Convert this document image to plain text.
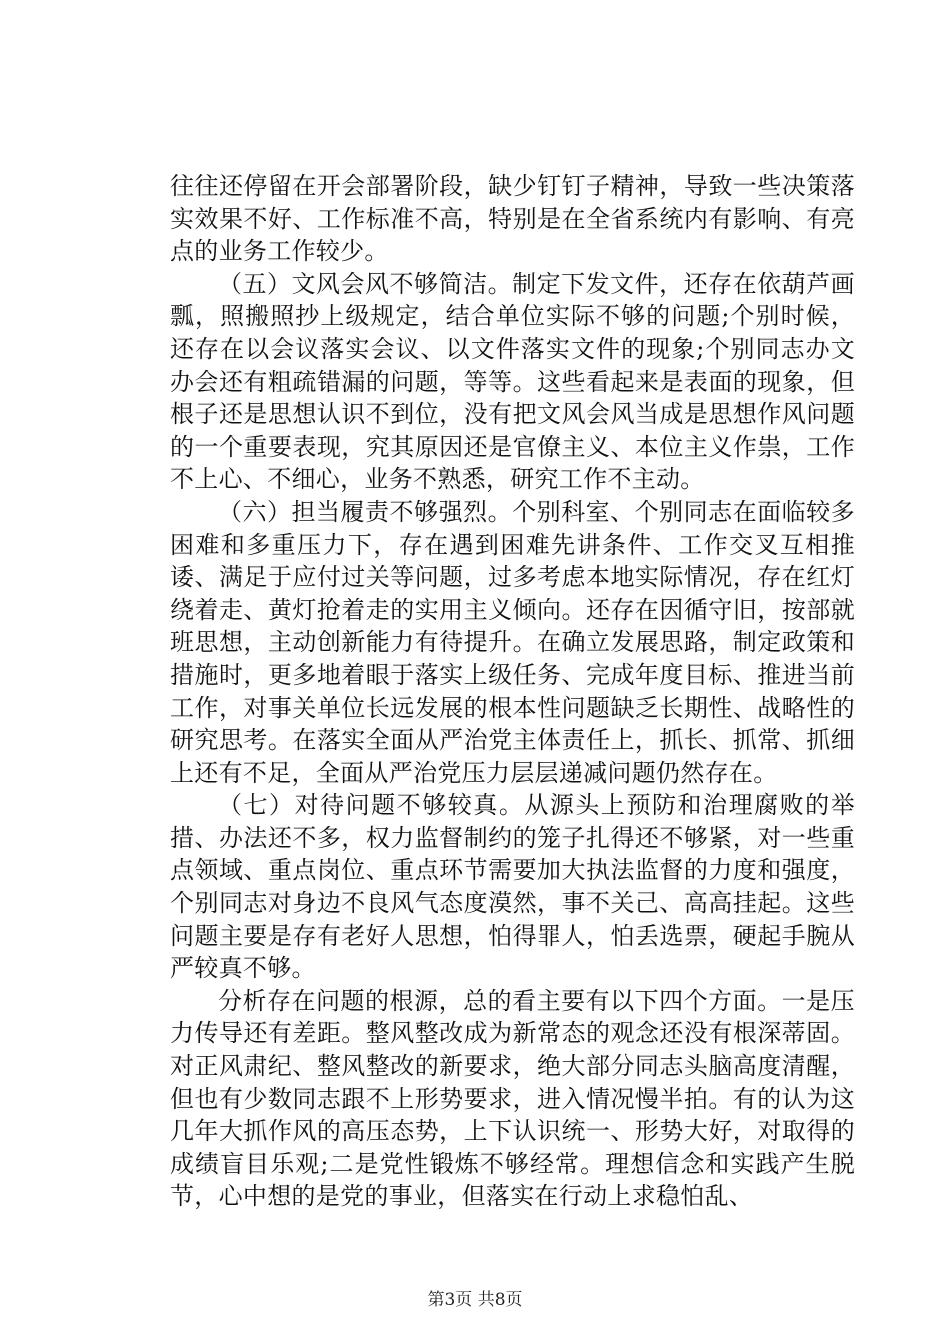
往往还停留在开会部署阶段，缺少钉钉子精神，导致一些决策落实效果不好、工作标准不高，特别是在全省系统内有影响、有亮点的业务工作较少。

（五）文风会风不够简洁。制定下发文件，还存在依葫芦画瓢，照搬照抄上级规定，结合单位实际不够的问题;个别时候，还存在以会议落实会议、以文件落实文件的现象;个别同志办文办会还有粗疏错漏的问题，等等。这些看起来是表面的现象，但根子还是思想认识不到位，没有把文风会风当成是思想作风问题的一个重要表现，究其原因还是官僚主义、本位主义作祟，工作不上心、不细心，业务不熟悉，研究工作不主动。

（六）担当履责不够强烈。个别科室、个别同志在面临较多困难和多重压力下，存在遇到困难先讲条件、工作交叉互相推诿、满足于应付过关等问题，过多考虑本地实际情况，存在红灯绕着走、黄灯抢着走的实用主义倾向。还存在因循守旧，按部就班思想，主动创新能力有待提升。在确立发展思路，制定政策和措施时，更多地着眼于落实上级任务、完成年度目标、推进当前工作，对事关单位长远发展的根本性问题缺乏长期性、战略性的研究思考。在落实全面从严治党主体责任上，抓长、抓常、抓细上还有不足，全面从严治党压力层层递减问题仍然存在。

（七）对待问题不够较真。从源头上预防和治理腐败的举措、办法还不多，权力监督制约的笼子扎得还不够紧，对一些重点领域、重点岗位、重点环节需要加大执法监督的力度和强度，个别同志对身边不良风气态度漠然，事不关己、高高挂起。这些问题主要是存有老好人思想，怕得罪人，怕丢选票，硬起手腕从严较真不够。

分析存在问题的根源，总的看主要有以下四个方面。一是压力传导还有差距。整风整改成为新常态的观念还没有根深蒂固。对正风肃纪、整风整改的新要求，绝大部分同志头脑高度清醒，但也有少数同志跟不上形势要求，进入情况慢半拍。有的认为这几年大抓作风的高压态势，上下认识统一、形势大好，对取得的成绩盲目乐观;二是党性锻炼不够经常。理想信念和实践产生脱节，心中想的是党的事业，但落实在行动上求稳怕乱、

第3页 共8页
